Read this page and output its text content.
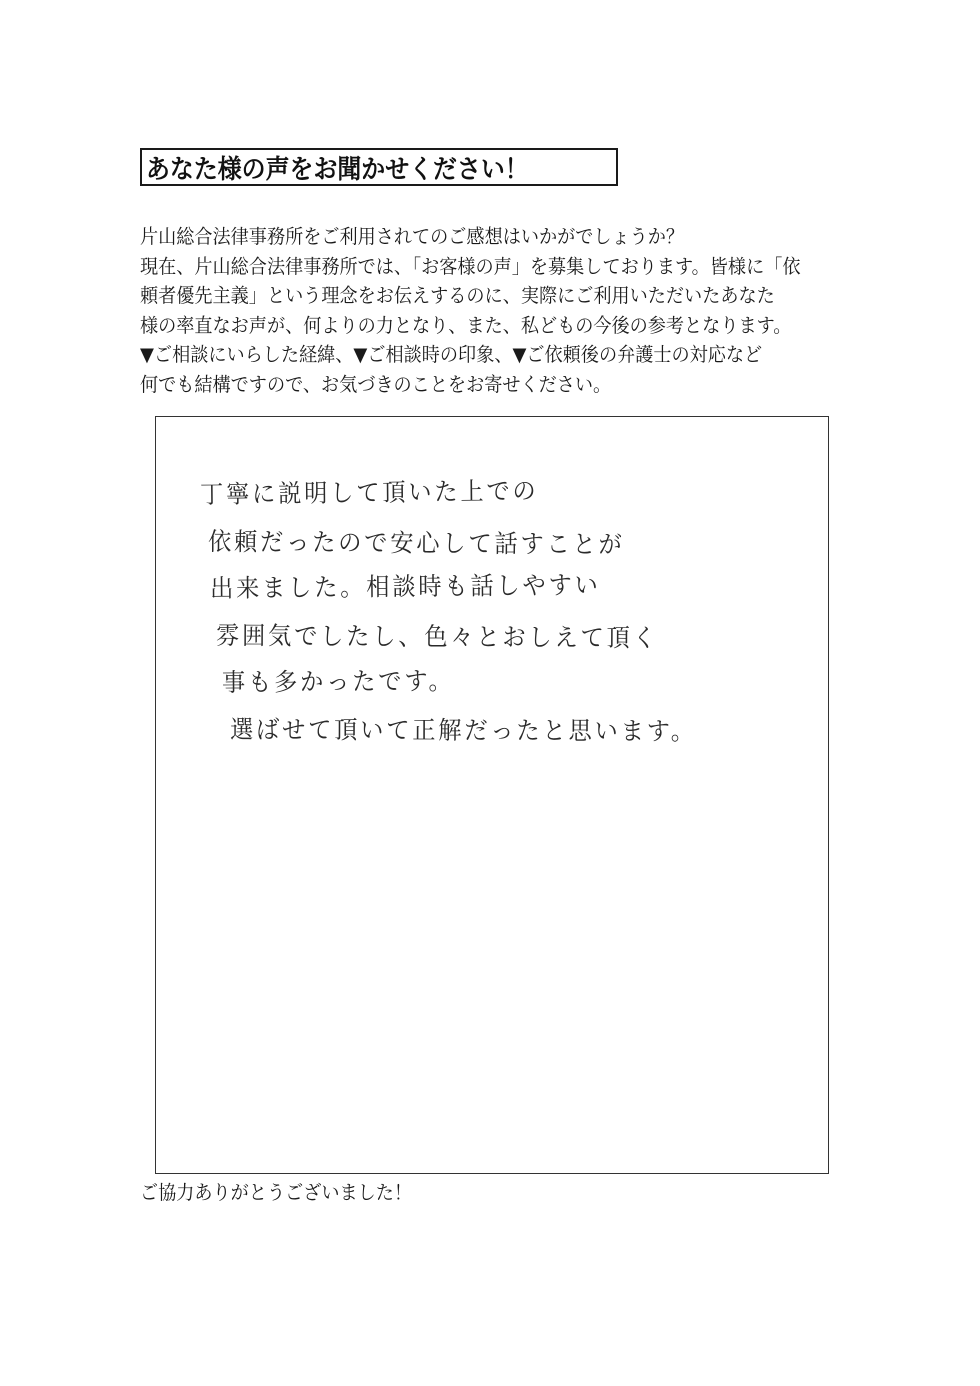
あなた様の声をお聞かせください！
片山総合法律事務所をご利用されてのご感想はいかがでしょうか？
現在、片山総合法律事務所では、「お客様の声」を募集しております。皆様に「依
頼者優先主義」という理念をお伝えするのに、実際にご利用いただいたあなた
様の率直なお声が、何よりの力となり、また、私どもの今後の参考となります。
▼ご相談にいらした経緯、▼ご相談時の印象、▼ご依頼後の弁護士の対応など
何でも結構ですので、お気づきのことをお寄せください。
丁寧に説明して頂いた上での
依頼だったので安心して話すことが
出来ました。相談時も話しやすい
雰囲気でしたし、色々とおしえて頂く
事も多かったです。
選ばせて頂いて正解だったと思います。
ご協力ありがとうございました！
